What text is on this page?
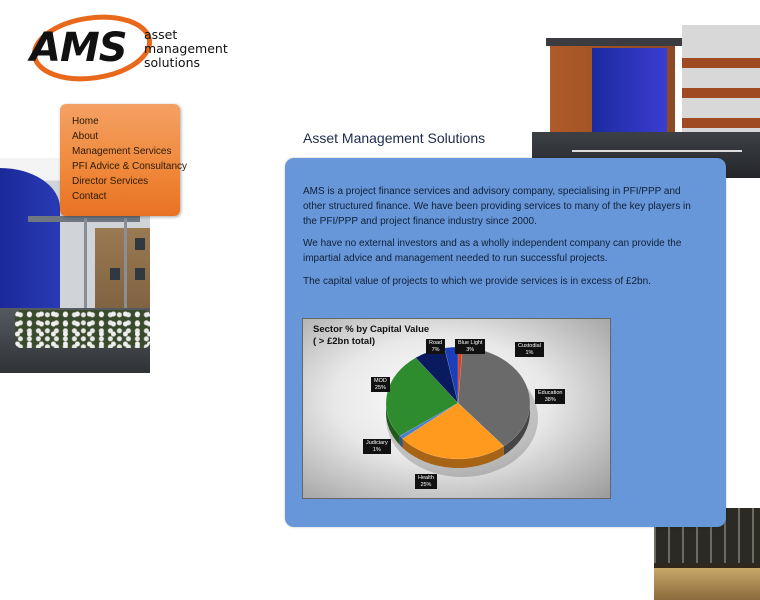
AMS asset
management
solutions
Home
About
Management Services
PFI Advice & Consultancy
Director Services
Contact
Asset Management Solutions

AMS is a project finance services and advisory company, specialising in PFI/PPP and other structured finance. We have been providing services to many of the key players in the PFI/PPP and project finance industry since 2000.

We have no external investors and as a wholly independent company can provide the impartial advice and management needed to run successful projects.

The capital value of projects to which we provide services is in excess of £2bn.

Sector % by Capital Value
( > £2bn total)
Education
38%
Health
25%
Judiciary
1%
MOD
25%
Road
7%
Blue Light
3%
Custodial
1%
